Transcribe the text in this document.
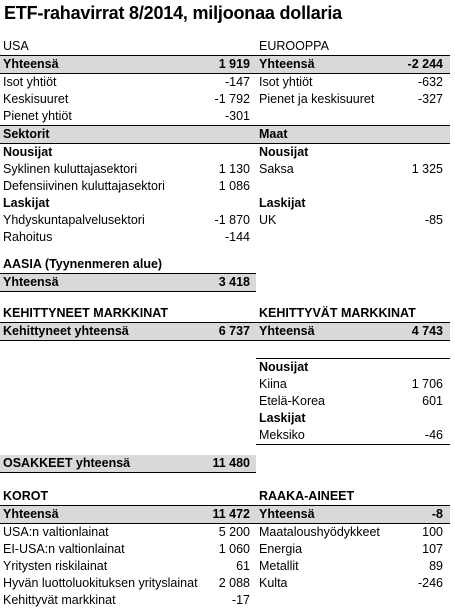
ETF-rahavirrat 8/2014, miljoonaa dollaria
USA
Yhteensä	1 919
Isot yhtiöt	-147
Keskisuuret	-1 792
Pienet yhtiöt	-301
Sektorit
Nousijat
Syklinen kuluttajasektori	1 130
Defensiivinen kuluttajasektori	1 086
Laskijat
Yhdyskuntapalvelusektori	-1 870
Rahoitus	-144
EUROOPPA
Yhteensä	-2 244
Isot yhtiöt	-632
Pienet ja keskisuuret	-327
Maat
Nousijat
Saksa	1 325
Laskijat
UK	-85
AASIA (Tyynenmeren alue)
Yhteensä	3 418
KEHITTYNEET MARKKINAT
Kehittyneet yhteensä	6 737
KEHITTYVÄT MARKKINAT
Yhteensä	4 743
Nousijat
Kiina	1 706
Etelä-Korea	601
Laskijat
Meksiko	-46
OSAKKEET yhteensä	11 480
KOROT
Yhteensä	11 472
USA:n valtionlainat	5 200
EI-USA:n valtionlainat	1 060
Yritysten riskilainat	61
Hyvän luottoluokituksen yrityslainat 2 088
Kehittyvät markkinat	-17
RAAKA-AINEET
Yhteensä	-8
Maataloushyödykkeet	100
Energia	107
Metallit	89
Kulta	-246
